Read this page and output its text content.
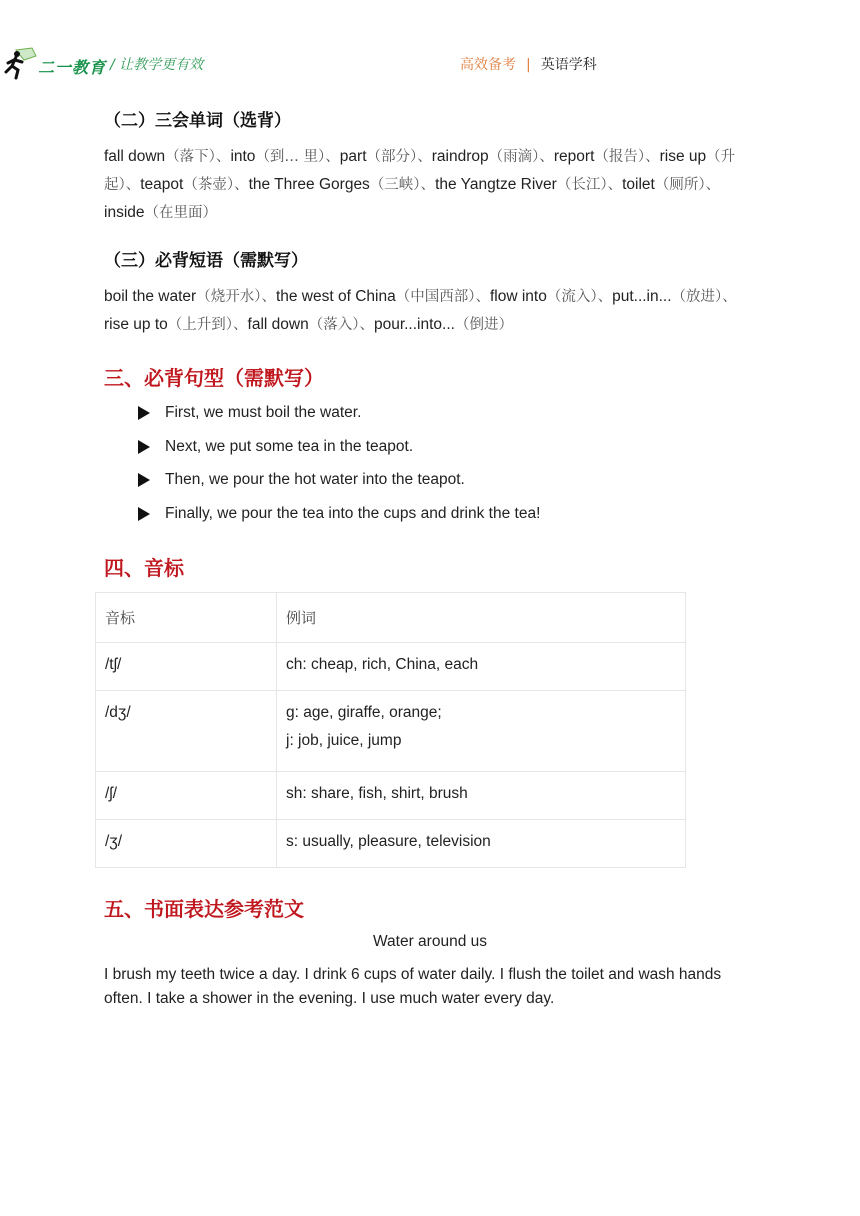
二一教育 / 让教学更有效	高效备考 | 英语学科
（二）三会单词（选背）

fall down（落下）、into（到… 里）、part（部分）、raindrop（雨滴）、report（报告）、rise up（升起）、teapot（茶壶）、the Three Gorges（三峡）、the Yangtze River（长江）、toilet（厕所）、inside（在里面）

（三）必背短语（需默写）

boil the water（烧开水）、the west of China（中国西部）、flow into（流入）、put...in...（放进）、rise up to（上升到）、fall down（落入）、pour...into...（倒进）

三、必背句型（需默写）
First, we must boil the water.
Next, we put some tea in the teapot.
Then, we pour the hot water into the teapot.
Finally, we pour the tea into the cups and drink the tea!
四、音标
音标	例词
/tʃ/	ch: cheap, rich, China, each
/dʒ/	g: age, giraffe, orange;
j: job, juice, jump

/ʃ/	sh: share, fish, shirt, brush
/ʒ/	s: usually, pleasure, television
五、书面表达参考范文
Water around us

I brush my teeth twice a day. I drink 6 cups of water daily. I flush the toilet and wash hands often. I take a shower in the evening. I use much water every day.
